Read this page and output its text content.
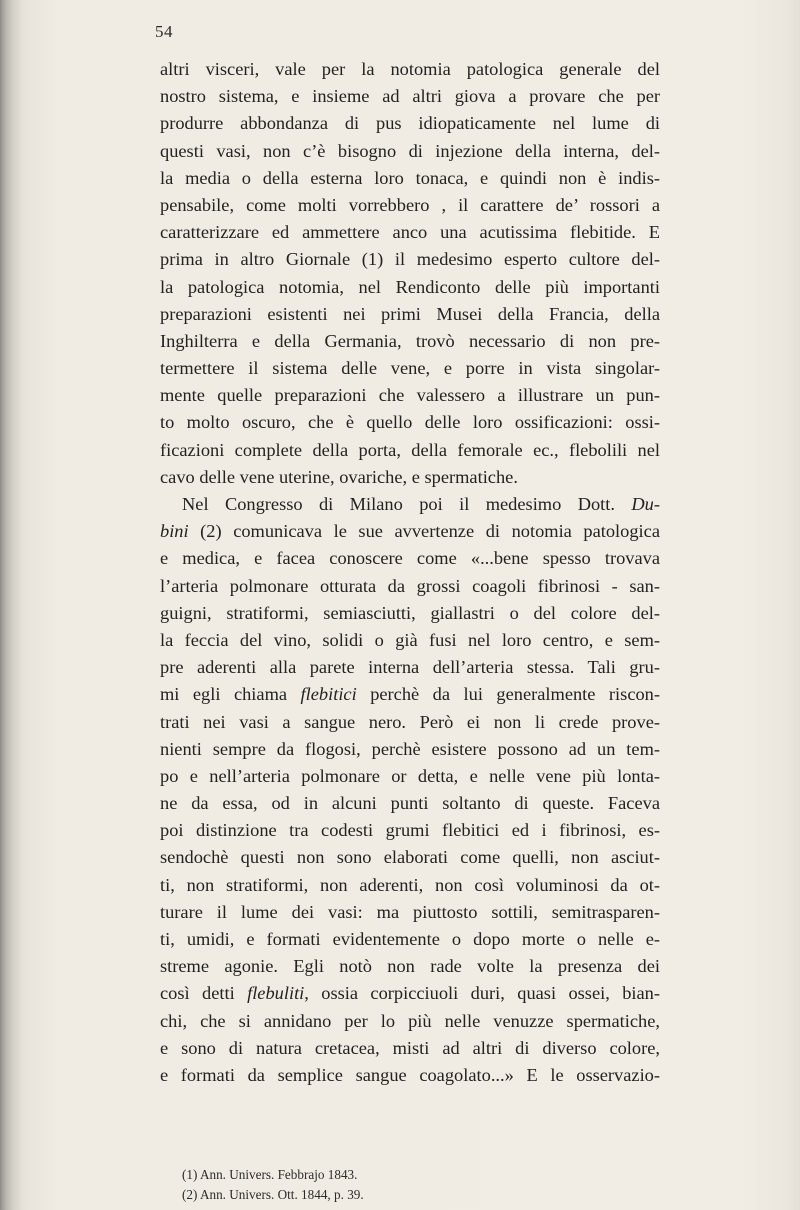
54
altri visceri, vale per la notomia patologica generale del
nostro sistema, e insieme ad altri giova a provare che per
produrre abbondanza di pus idiopaticamente nel lume di
questi vasi, non c’è bisogno di injezione della interna, del-
la media o della esterna loro tonaca, e quindi non è indis-
pensabile, come molti vorrebbero , il carattere de’ rossori a
caratterizzare ed ammettere anco una acutissima flebitide. E
prima in altro Giornale (1) il medesimo esperto cultore del-
la patologica notomia, nel Rendiconto delle più importanti
preparazioni esistenti nei primi Musei della Francia, della
Inghilterra e della Germania, trovò necessario di non pre-
termettere il sistema delle vene, e porre in vista singolar-
mente quelle preparazioni che valessero a illustrare un pun-
to molto oscuro, che è quello delle loro ossificazioni: ossi-
ficazioni complete della porta, della femorale ec., flebolili nel
cavo delle vene uterine, ovariche, e spermatiche.
Nel Congresso di Milano poi il medesimo Dott. Du-
bini (2) comunicava le sue avvertenze di notomia patologica
e medica, e facea conoscere come «...bene spesso trovava
l’arteria polmonare otturata da grossi coagoli fibrinosi - san-
guigni, stratiformi, semiasciutti, giallastri o del colore del-
la feccia del vino, solidi o già fusi nel loro centro, e sem-
pre aderenti alla parete interna dell’arteria stessa. Tali gru-
mi egli chiama flebitici perchè da lui generalmente riscon-
trati nei vasi a sangue nero. Però ei non li crede prove-
nienti sempre da flogosi, perchè esistere possono ad un tem-
po e nell’arteria polmonare or detta, e nelle vene più lonta-
ne da essa, od in alcuni punti soltanto di queste. Faceva
poi distinzione tra codesti grumi flebitici ed i fibrinosi, es-
sendochè questi non sono elaborati come quelli, non asciut-
ti, non stratiformi, non aderenti, non così voluminosi da ot-
turare il lume dei vasi: ma piuttosto sottili, semitrasparen-
ti, umidi, e formati evidentemente o dopo morte o nelle e-
streme agonie. Egli notò non rade volte la presenza dei
così detti flebuliti, ossia corpicciuoli duri, quasi ossei, bian-
chi, che si annidano per lo più nelle venuzze spermatiche,
e sono di natura cretacea, misti ad altri di diverso colore,
e formati da semplice sangue coagolato...» E le osservazio-
(1) Ann. Univers. Febbrajo 1843.
(2) Ann. Univers. Ott. 1844, p. 39.
